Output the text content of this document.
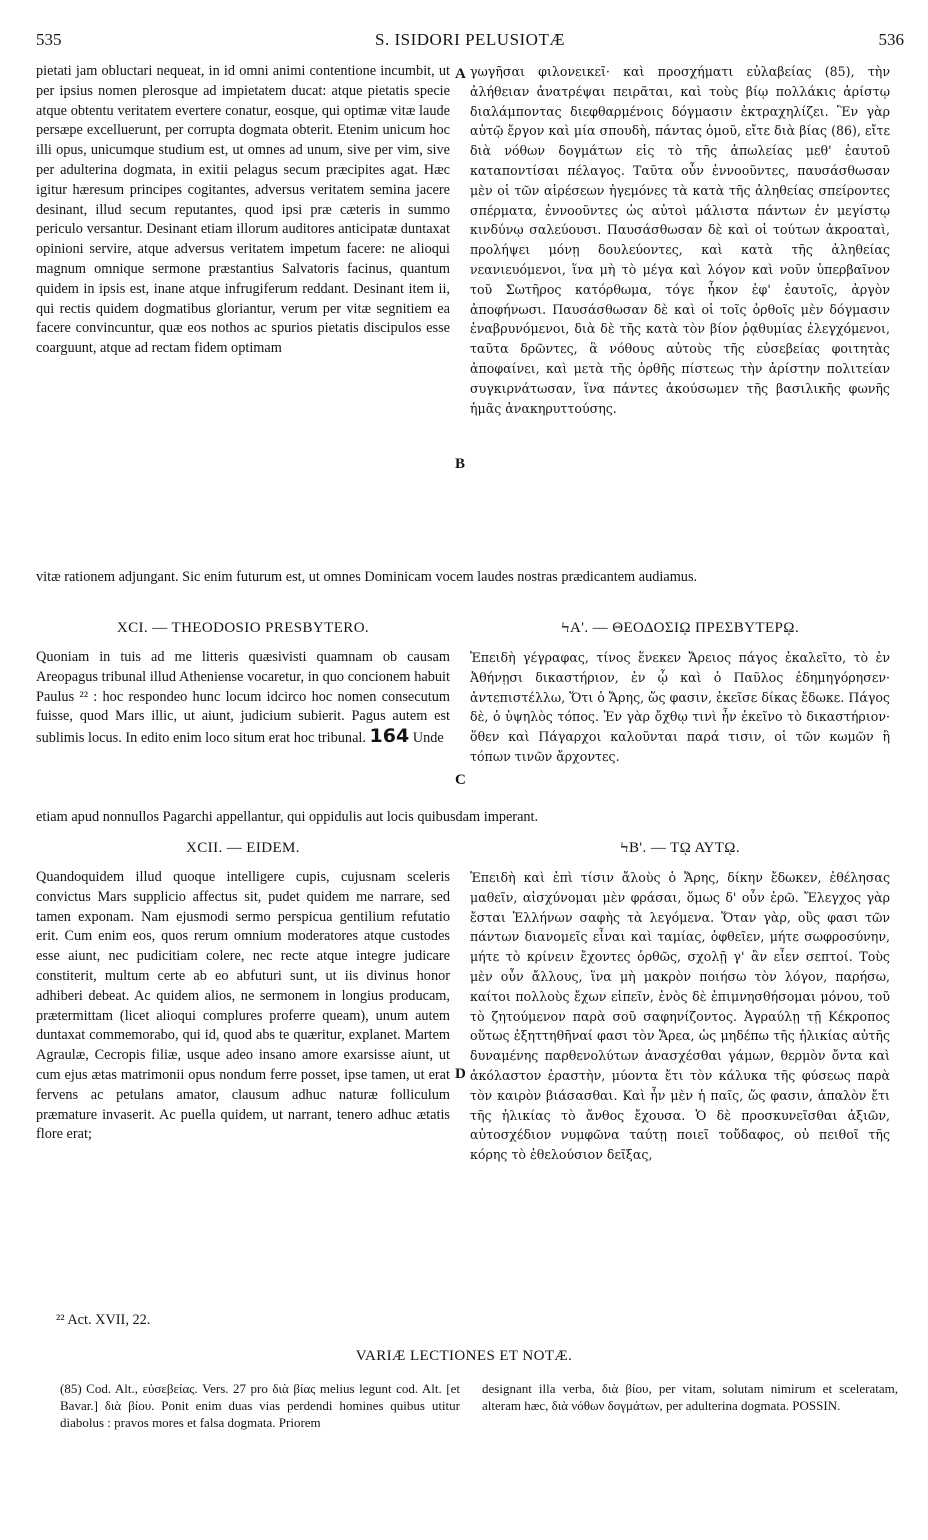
535	S. ISIDORI PELUSIOTÆ	536

pietati jam obluctari nequeat, in id omni animi contentione incumbit, ut per ipsius nomen plerosque ad impietatem ducat: atque pietatis specie atque obtentu veritatem evertere conatur, eosque, qui optimæ vitæ laude persæpe excelluerunt, per corrupta dogmata obterit. Etenim unicum hoc illi opus, unicumque studium est, ut omnes ad unum, sive per vim, sive per adulterina dogmata, in exitii pelagus secum præcipites agat. Hæc igitur hæresum principes cogitantes, adversus veritatem semina jacere desinant, illud secum reputantes, quod ipsi præ cæteris in summo periculo versantur. Desinant etiam illorum auditores anticipatæ duntaxat opinioni servire, atque adversus veritatem impetum facere: ne alioqui magnum omnique sermone præstantius Salvatoris facinus, quantum quidem in ipsis est, inane atque infrugiferum reddant. Desinant item ii, qui rectis quidem dogmatibus gloriantur, verum per vitæ segnitiem ea facere convincuntur, quæ eos nothos ac spurios pietatis discipulos esse coarguunt, atque ad rectam fidem optimam

γωγῆσαι φιλονεικεῖ· καὶ προσχήματι εὐλαβείας (85), τὴν ἀλήθειαν ἀνατρέψαι πειρᾶται, καὶ τοὺς βίῳ πολλάκις ἀρίστῳ διαλάμποντας διεφθαρμένοις δόγμασιν ἐκτραχηλίζει. Ἓν γὰρ αὐτῷ ἔργον καὶ μία σπουδὴ, πάντας ὁμοῦ, εἴτε διὰ βίας (86), εἴτε διὰ νόθων δογμάτων εἰς τὸ τῆς ἀπωλείας μεθ' ἑαυτοῦ καταποντίσαι πέλαγος. Ταῦτα οὖν ἐννοοῦντες, παυσάσθωσαν μὲν οἱ τῶν αἱρέσεων ἡγεμόνες τὰ κατὰ τῆς ἀληθείας σπείροντες σπέρματα, ἐννοοῦντες ὡς αὐτοὶ μάλιστα πάντων ἐν μεγίστῳ κινδύνῳ σαλεύουσι. Παυσάσθωσαν δὲ καὶ οἱ τούτων ἀκροαταὶ, προλήψει μόνῃ δουλεύοντες, καὶ κατὰ τῆς ἀληθείας νεανιευόμενοι, ἵνα μὴ τὸ μέγα καὶ λόγον καὶ νοῦν ὑπερβαῖνον τοῦ Σωτῆρος κατόρθωμα, τόγε ἧκον ἐφ' ἑαυτοῖς, ἀργὸν ἀποφήνωσι. Παυσάσθωσαν δὲ καὶ οἱ τοῖς ὀρθοῖς μὲν δόγμασιν ἐναβρυνόμενοι, διὰ δὲ τῆς κατὰ τὸν βίον ῥᾳθυμίας ἐλεγχόμενοι, ταῦτα δρῶντες, ἃ νόθους αὐτοὺς τῆς εὐσεβείας φοιτητὰς ἀποφαίνει, καὶ μετὰ τῆς ὀρθῆς πίστεως τὴν ἀρίστην πολιτείαν συγκιρνάτωσαν, ἵνα πάντες ἀκούσωμεν τῆς βασιλικῆς φωνῆς ἡμᾶς ἀνακηρυττούσης.

vitæ rationem adjungant. Sic enim futurum est, ut omnes Dominicam vocem laudes nostras prædicantem audiamus.
A
B
C
D
XCI. — THEODOSIO PRESBYTERO.	ϞΑ'. — ΘΕΟΔΟΣΙῼ ΠΡΕΣΒΥΤΕΡῼ.

Quoniam in tuis ad me litteris quæsivisti quamnam ob causam Areopagus tribunal illud Atheniense vocaretur, in quo concionem habuit Paulus ²² : hoc respondeo hunc locum idcirco hoc nomen consecutum fuisse, quod Mars illic, ut aiunt, judicium subierit. Pagus autem est sublimis locus. In edito enim loco situm erat hoc tribunal. 164 Unde

Ἐπειδὴ γέγραφας, τίνος ἕνεκεν Ἄρειος πάγος ἐκαλεῖτο, τὸ ἐν Ἀθήνῃσι δικαστήριον, ἐν ᾧ καὶ ὁ Παῦλος ἐδημηγόρησεν· ἀντεπιστέλλω, Ὅτι ὁ Ἄρης, ὥς φασιν, ἐκεῖσε δίκας ἔδωκε. Πάγος δὲ, ὁ ὑψηλὸς τόπος. Ἐν γὰρ ὄχθῳ τινὶ ἦν ἐκεῖνο τὸ δικαστήριον· ὅθεν καὶ Πάγαρχοι καλοῦνται παρά τισιν, οἱ τῶν κωμῶν ἢ τόπων τινῶν ἄρχοντες.

etiam apud nonnullos Pagarchi appellantur, qui oppidulis aut locis quibusdam imperant.
XCII. — EIDEM.	ϞΒ'. — Τῼ ΑΥΤῼ.

Quandoquidem illud quoque intelligere cupis, cujusnam sceleris convictus Mars supplicio affectus sit, pudet quidem me narrare, sed tamen exponam. Nam ejusmodi sermo perspicua gentilium refutatio erit. Cum enim eos, quos rerum omnium moderatores atque custodes esse aiunt, nec pudicitiam colere, nec recte atque integre judicare constiterit, multum certe ab eo abfuturi sunt, ut iis divinus honor adhiberi debeat. Ac quidem alios, ne sermonem in longius producam, prætermittam (licet alioqui complures proferre queam), unum autem duntaxat commemorabo, qui id, quod abs te quæritur, explanet. Martem Agraulæ, Cecropis filiæ, usque adeo insano amore exarsisse aiunt, ut cum ejus ætas matrimonii opus nondum ferre posset, ipse tamen, ut erat fervens ac petulans amator, clausum adhuc naturæ folliculum præmature invaserit. Ac puella quidem, ut narrant, tenero adhuc ætatis flore erat;

Ἐπειδὴ καὶ ἐπὶ τίσιν ἄλοὺς ὁ Ἄρης, δίκην ἔδωκεν, ἐθέλησας μαθεῖν, αἰσχύνομαι μὲν φράσαι, ὅμως δ' οὖν ἐρῶ. Ἔλεγχος γὰρ ἔσται Ἑλλήνων σαφὴς τὰ λεγόμενα. Ὅταν γὰρ, οὓς φασι τῶν πάντων διανομεῖς εἶναι καὶ ταμίας, ὀφθεῖεν, μήτε σωφροσύνην, μήτε τὸ κρίνειν ἔχοντες ὀρθῶς, σχολῇ γ' ἂν εἶεν σεπτοί. Τοὺς μὲν οὖν ἄλλους, ἵνα μὴ μακρὸν ποιήσω τὸν λόγον, παρήσω, καίτοι πολλοὺς ἔχων εἰπεῖν, ἑνὸς δὲ ἐπιμνησθήσομαι μόνου, τοῦ τὸ ζητούμενον παρὰ σοῦ σαφηνίζοντος. Ἀγραύλῃ τῇ Κέκροπος οὕτως ἐξηττηθῆναί φασι τὸν Ἄρεα, ὡς μηδέπω τῆς ἡλικίας αὐτῆς δυναμένης παρθενολύτων ἀνασχέσθαι γάμων, θερμὸν ὄντα καὶ ἀκόλαστον ἐραστὴν, μύοντα ἔτι τὸν κάλυκα τῆς φύσεως παρὰ τὸν καιρὸν βιάσασθαι. Καὶ ἦν μὲν ἡ παῖς, ὥς φασιν, ἁπαλὸν ἔτι τῆς ἡλικίας τὸ ἄνθος ἔχουσα. Ὁ δὲ προσκυνεῖσθαι ἀξιῶν, αὐτοσχέδιον νυμφῶνα ταύτῃ ποιεῖ τοὔδαφος, οὐ πειθοῖ τῆς κόρης τὸ ἐθελούσιον δεῖξας,

²² Act. XVII, 22.
VARIÆ LECTIONES ET NOTÆ.
(85) Cod. Alt., εὐσεβείας. Vers. 27 pro διὰ βίας melius legunt cod. Alt. [et Bavar.] διὰ βίου. Ponit enim duas vias perdendi homines quibus utitur diabolus : pravos mores et falsa dogmata. Priorem
designant illa verba, διὰ βίου, per vitam, solutam nimirum et sceleratam, alteram hæc, διὰ νόθων δογμάτων, per adulterina dogmata. POSSIN.
